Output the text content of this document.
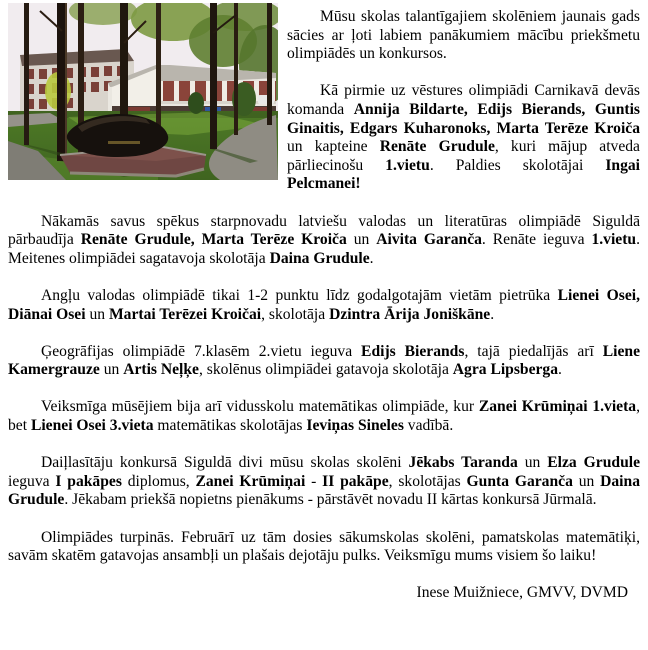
Mūsu skolas talantīgajiem skolēniem jaunais gads sācies ar ļoti labiem panākumiem mācību priekšmetu olimpiādēs un konkursos.

Kā pirmie uz vēstures olimpiādi Carnikavā devās komanda Annija Bildarte, Edijs Bierands, Guntis Ginaitis, Edgars Kuharonoks, Marta Terēze Kroiča un kapteine Renāte Grudule, kuri mājup atveda pārliecinošu 1.vietu. Paldies skolotājai Ingai Pelcmanei!

Nākamās savus spēkus starpnovadu latviešu valodas un literatūras olimpiādē Siguldā pārbaudīja Renāte Grudule, Marta Terēze Kroiča un Aivita Garanča. Renāte ieguva 1.vietu. Meitenes olimpiādei sagatavoja skolotāja Daina Grudule.

Angļu valodas olimpiādē tikai 1-2 punktu līdz godalgotajām vietām pietrūka Lienei Osei, Diānai Osei un Martai Terēzei Kroičai, skolotāja Dzintra Ārija Joniškāne.

Ģeogrāfijas olimpiādē 7.klasēm 2.vietu ieguva Edijs Bierands, tajā piedalījās arī Liene Kamergrauze un Artis Neļķe, skolēnus olimpiādei gatavoja skolotāja Agra Lipsberga.

Veiksmīga mūsējiem bija arī vidusskolu matemātikas olimpiāde, kur Zanei Krūmiņai 1.vieta, bet Lienei Osei 3.vieta matemātikas skolotājas Ieviņas Sineles vadībā.

Daiļlasītāju konkursā Siguldā divi mūsu skolas skolēni Jēkabs Taranda un Elza Grudule ieguva I pakāpes diplomus, Zanei Krūmiņai - II pakāpe, skolotājas Gunta Garanča un Daina Grudule. Jēkabam priekšā nopietns pienākums - pārstāvēt novadu II kārtas konkursā Jūrmalā.

Olimpiādes turpinās. Februārī uz tām dosies sākumskolas skolēni, pamatskolas matemātiķi, savām skatēm gatavojas ansambļi un plašais dejotāju pulks. Veiksmīgu mums visiem šo laiku!

Inese Muižniece, GMVV, DVMD
